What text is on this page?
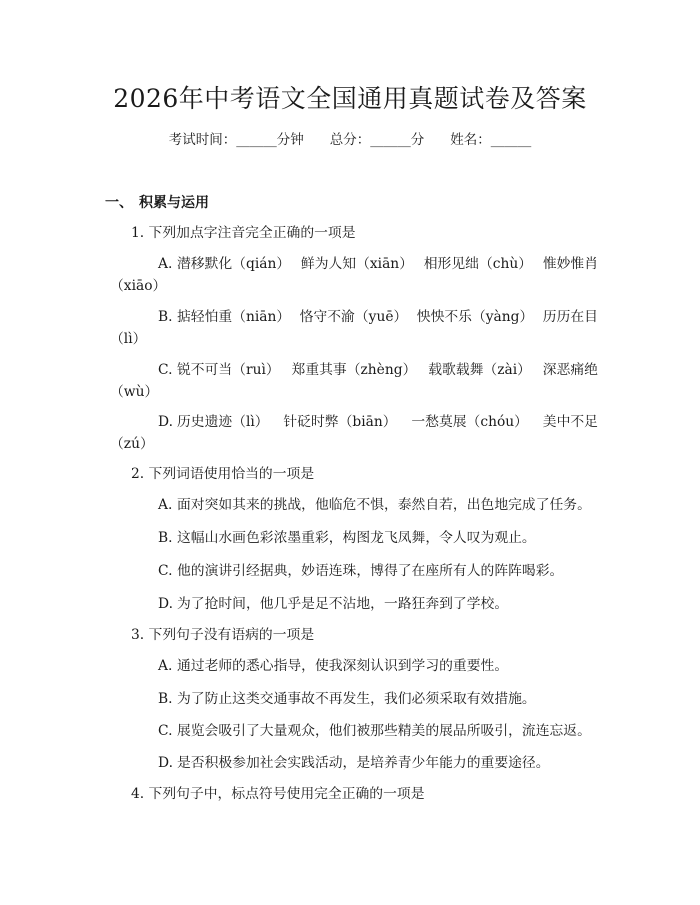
2026年中考语文全国通用真题试卷及答案
考试时间：______分钟 总分：______分 姓名：______
一、 积累与运用
1. 下列加点字注音完全正确的一项是
A. 潜移默化（qián） 鲜为人知（xiān） 相形见绌（chù） 惟妙惟肖
（xiāo）
B. 掂轻怕重（niān） 恪守不渝（yuē） 怏怏不乐（yàng） 历历在目
（lì）
C. 锐不可当（ruì） 郑重其事（zhèng） 载歌载舞（zài） 深恶痛绝
（wù）
D. 历史遗迹（lì） 针砭时弊（biān） 一愁莫展（chóu） 美中不足
（zú）
2. 下列词语使用恰当的一项是
A. 面对突如其来的挑战，他临危不惧，泰然自若，出色地完成了任务。
B. 这幅山水画色彩浓墨重彩，构图龙飞凤舞，令人叹为观止。
C. 他的演讲引经据典，妙语连珠，博得了在座所有人的阵阵喝彩。
D. 为了抢时间，他几乎是足不沾地，一路狂奔到了学校。
3. 下列句子没有语病的一项是
A. 通过老师的悉心指导，使我深刻认识到学习的重要性。
B. 为了防止这类交通事故不再发生，我们必须采取有效措施。
C. 展览会吸引了大量观众，他们被那些精美的展品所吸引，流连忘返。
D. 是否积极参加社会实践活动，是培养青少年能力的重要途径。
4. 下列句子中，标点符号使用完全正确的一项是
